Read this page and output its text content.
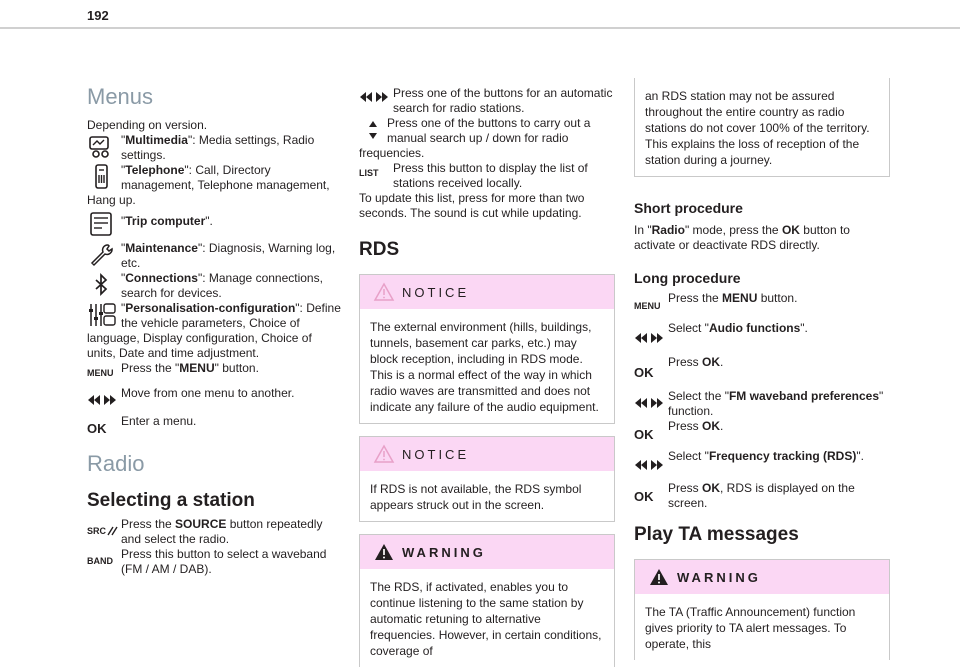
192
Menus
Depending on version.
"Multimedia": Media settings, Radio settings.
"Telephone": Call, Directory management, Telephone management, Hang up.
"Trip computer".
"Maintenance": Diagnosis, Warning log, etc.
"Connections": Manage connections, search for devices.
"Personalisation-configuration": Define the vehicle parameters, Choice of language, Display configuration, Choice of units, Date and time adjustment.
MENU Press the "MENU" button.
Move from one menu to another.
OK	Enter a menu.
Radio
Selecting a station
SRC Press the SOURCE button repeatedly and select the radio.
BAND Press this button to select a waveband (FM / AM / DAB).
Press one of the buttons for an automatic search for radio stations.
Press one of the buttons to carry out a manual search up / down for radio frequencies.
LIST Press this button to display the list of stations received locally.
To update this list, press for more than two seconds. The sound is cut while updating.
RDS
NOTICE
The external environment (hills, buildings, tunnels, basement car parks, etc.) may block reception, including in RDS mode. This is a normal effect of the way in which radio waves are transmitted and does not indicate any failure of the audio equipment.
NOTICE
If RDS is not available, the RDS symbol appears struck out in the screen.
WARNING
The RDS, if activated, enables you to continue listening to the same station by automatic retuning to alternative frequencies. However, in certain conditions, coverage of
an RDS station may not be assured throughout the entire country as radio stations do not cover 100% of the territory. This explains the loss of reception of the station during a journey.
Short procedure
In "Radio" mode, press the OK button to activate or deactivate RDS directly.
Long procedure
MENU
Press the MENU button.
Select "Audio functions".
OK
Press OK.
Select the "FM waveband preferences" function.
OK
Press OK.
Select "Frequency tracking (RDS)".
OK
Press OK, RDS is displayed on the screen.
Play TA messages
WARNING
The TA (Traffic Announcement) function gives priority to TA alert messages. To operate, this
